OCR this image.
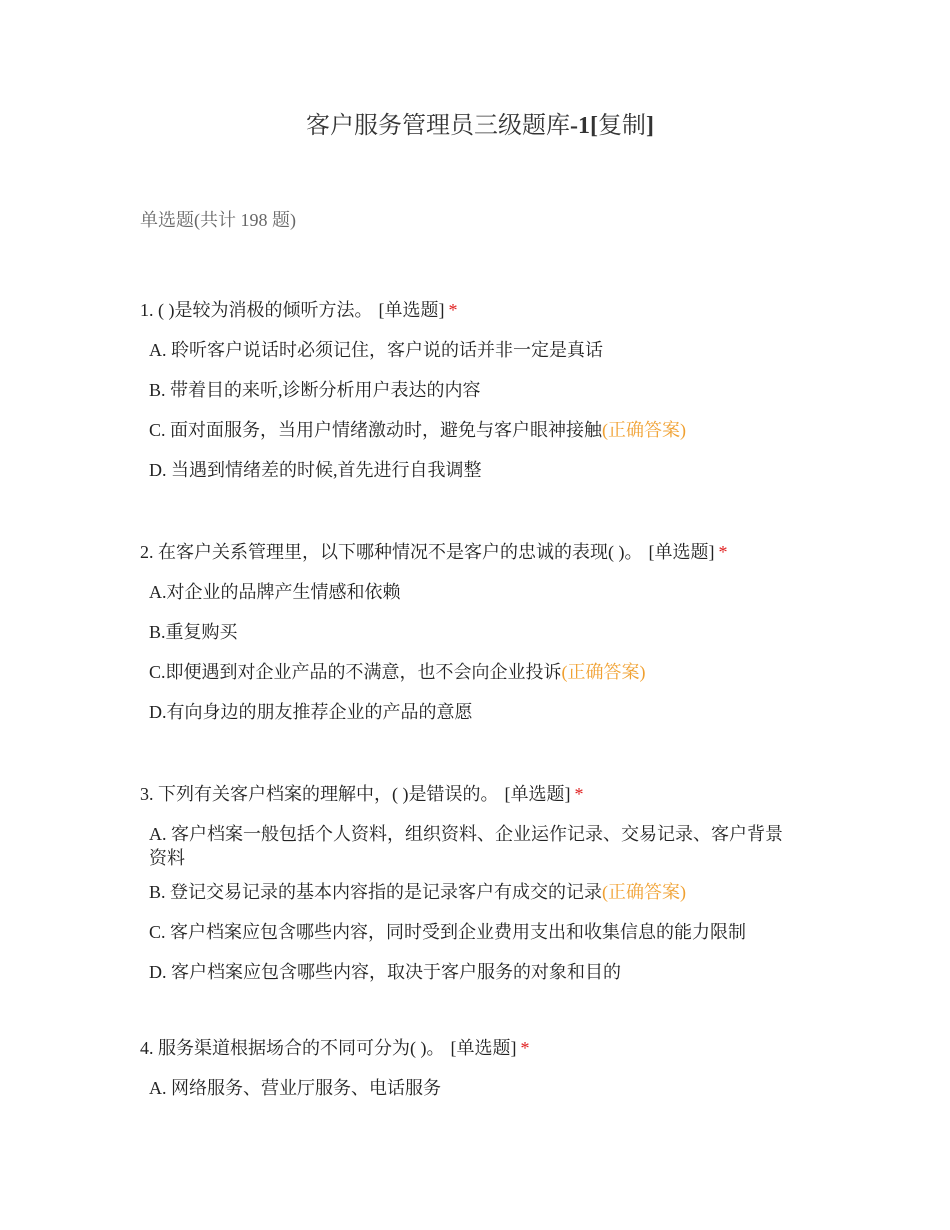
客户服务管理员三级题库-1[复制]
单选题(共计 198 题)
1. ( )是较为消极的倾听方法。 [单选题] *
A. 聆听客户说话时必须记住，客户说的话并非一定是真话
B. 带着目的来听,诊断分析用户表达的内容
C. 面对面服务，当用户情绪激动时，避免与客户眼神接触(正确答案)
D. 当遇到情绪差的时候,首先进行自我调整
2. 在客户关系管理里，以下哪种情况不是客户的忠诚的表现( )。 [单选题] *
A.对企业的品牌产生情感和依赖
B.重复购买
C.即便遇到对企业产品的不满意，也不会向企业投诉(正确答案)
D.有向身边的朋友推荐企业的产品的意愿
3. 下列有关客户档案的理解中，( )是错误的。 [单选题] *
A. 客户档案一般包括个人资料，组织资料、企业运作记录、交易记录、客户背景资料
B. 登记交易记录的基本内容指的是记录客户有成交的记录(正确答案)
C. 客户档案应包含哪些内容，同时受到企业费用支出和收集信息的能力限制
D. 客户档案应包含哪些内容，取决于客户服务的对象和目的
4. 服务渠道根据场合的不同可分为( )。 [单选题] *
A. 网络服务、营业厅服务、电话服务
